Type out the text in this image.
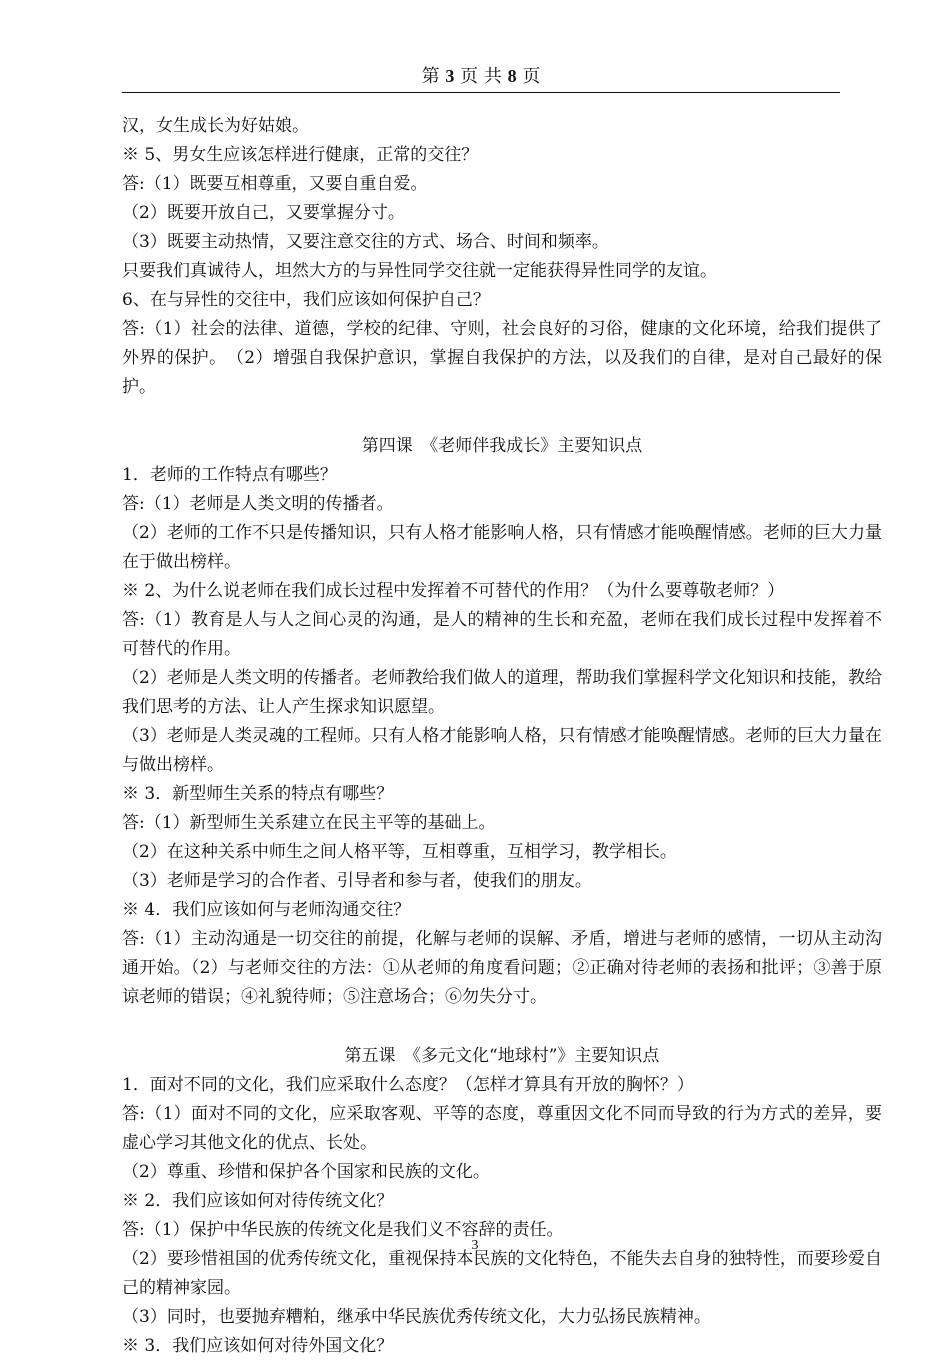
第 3 页 共 8 页

汉，女生成长为好姑娘。

※ 5、男女生应该怎样进行健康，正常的交往？

答:（1）既要互相尊重，又要自重自爱。

（2）既要开放自己，又要掌握分寸。

（3）既要主动热情，又要注意交往的方式、场合、时间和频率。

只要我们真诚待人，坦然大方的与异性同学交往就一定能获得异性同学的友谊。

6、在与异性的交往中，我们应该如何保护自己？

答:（1）社会的法律、道德，学校的纪律、守则，社会良好的习俗，健康的文化环境，给我们提供了外界的保护。　（2）增强自我保护意识，掌握自我保护的方法，以及我们的自律，是对自己最好的保护。

第四课　《老师伴我成长》主要知识点

1．老师的工作特点有哪些？

答:（1）老师是人类文明的传播者。

（2）老师的工作不只是传播知识，只有人格才能影响人格，只有情感才能唤醒情感。老师的巨大力量在于做出榜样。

※ 2、为什么说老师在我们成长过程中发挥着不可替代的作用？（为什么要尊敬老师？）

答:（1）教育是人与人之间心灵的沟通，是人的精神的生长和充盈，老师在我们成长过程中发挥着不可替代的作用。

（2）老师是人类文明的传播者。老师教给我们做人的道理，帮助我们掌握科学文化知识和技能，教给我们思考的方法、让人产生探求知识愿望。

（3）老师是人类灵魂的工程师。只有人格才能影响人格，只有情感才能唤醒情感。老师的巨大力量在与做出榜样。

※ 3．新型师生关系的特点有哪些？

答:（1）新型师生关系建立在民主平等的基础上。

（2）在这种关系中师生之间人格平等，互相尊重，互相学习，教学相长。

（3）老师是学习的合作者、引导者和参与者，使我们的朋友。

※ 4．我们应该如何与老师沟通交往？

答:（1）主动沟通是一切交往的前提，化解与老师的误解、矛盾，增进与老师的感情，一切从主动沟通开始。（2）与老师交往的方法：①从老师的角度看问题；②正确对待老师的表扬和批评；③善于原谅老师的错误；④礼貌待师；⑤注意场合；⑥勿失分寸。

第五课　《多元文化“地球村”》主要知识点

1．面对不同的文化，我们应采取什么态度？（怎样才算具有开放的胸怀？）

答:（1）面对不同的文化，应采取客观、平等的态度，尊重因文化不同而导致的行为方式的差异，要虚心学习其他文化的优点、长处。

（2）尊重、珍惜和保护各个国家和民族的文化。

※ 2．我们应该如何对待传统文化？

答:（1）保护中华民族的传统文化是我们义不容辞的责任。

（2）要珍惜祖国的优秀传统文化，重视保持本民族的文化特色，不能失去自身的独特性，而要珍爱自己的精神家园。

（3）同时，也要抛弃糟粕，继承中华民族优秀传统文化，大力弘扬民族精神。

※ 3．我们应该如何对待外国文化？

3
